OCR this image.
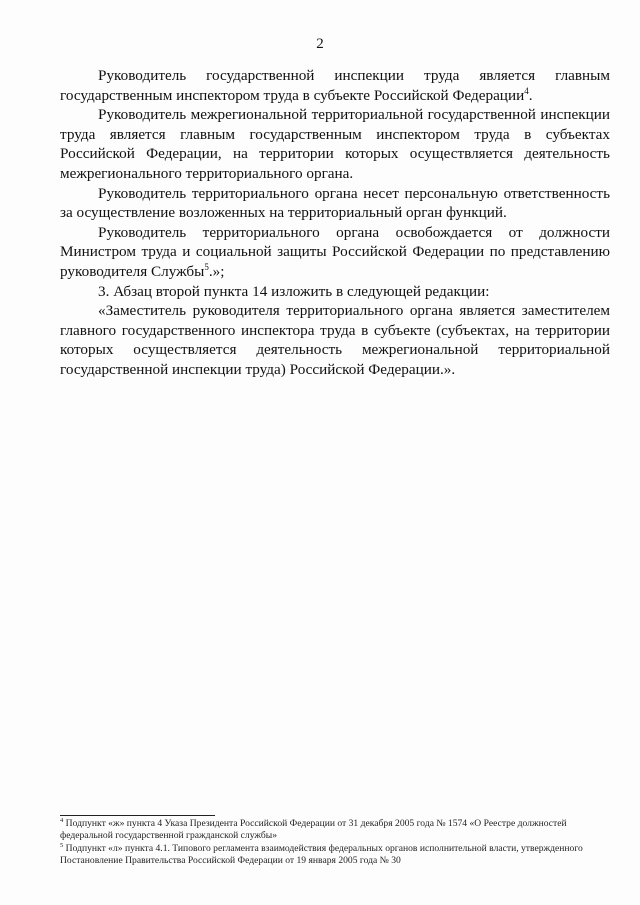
2

Руководитель государственной инспекции труда является главным государственным инспектором труда в субъекте Российской Федерации$^4$.

Руководитель межрегиональной территориальной государственной инспекции труда является главным государственным инспектором труда в субъектах Российской Федерации, на территории которых осуществляется деятельность межрегионального территориального органа.

Руководитель территориального органа несет персональную ответственность за осуществление возложенных на территориальный орган функций.

Руководитель территориального органа освобождается от должности Министром труда и социальной защиты Российской Федерации по представлению руководителя Службы$^5$.»;

3. Абзац второй пункта 14 изложить в следующей редакции:

«Заместитель руководителя территориального органа является заместителем главного государственного инспектора труда в субъекте (субъектах, на территории которых осуществляется деятельность межрегиональной территориальной государственной инспекции труда) Российской Федерации.».

$^4$ Подпункт «ж» пункта 4 Указа Президента Российской Федерации от 31 декабря 2005 года № 1574 «О Реестре должностей федеральной государственной гражданской службы»

$^5$ Подпункт «л» пункта 4.1. Типового регламента взаимодействия федеральных органов исполнительной власти, утвержденного Постановление Правительства Российской Федерации от 19 января 2005 года № 30
